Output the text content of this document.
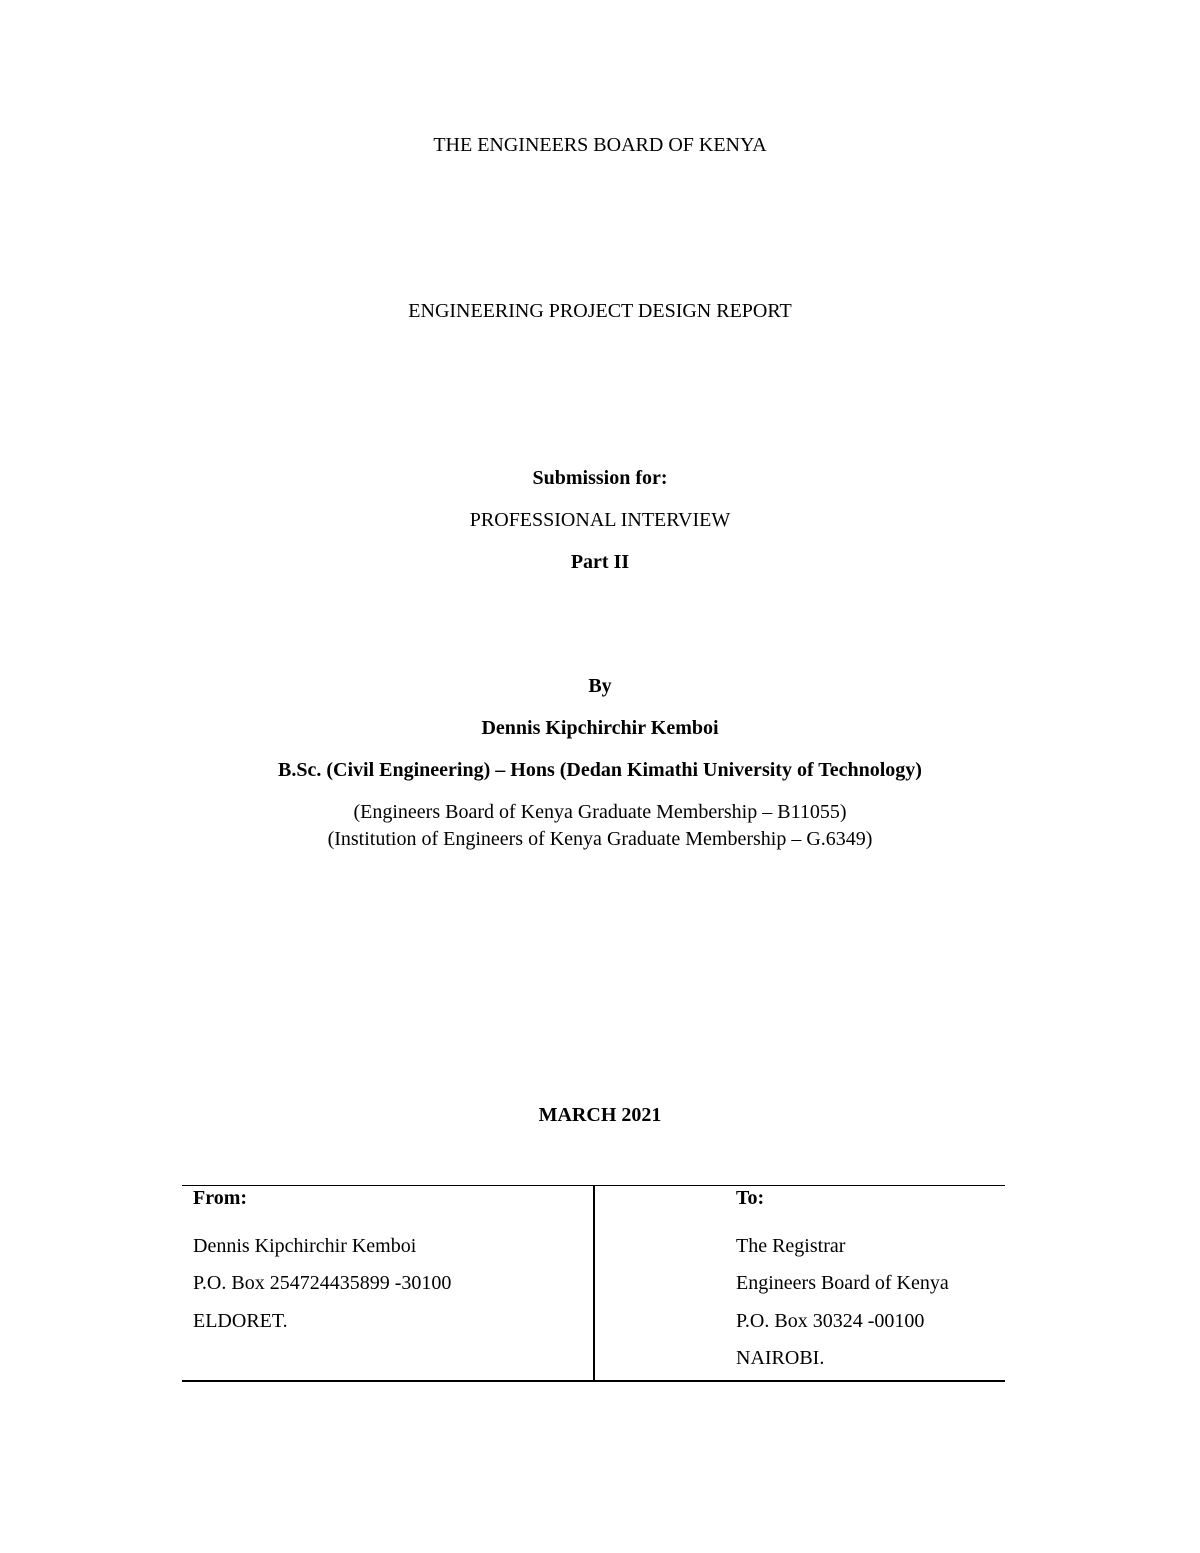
THE ENGINEERS BOARD OF KENYA
ENGINEERING PROJECT DESIGN REPORT
Submission for:
PROFESSIONAL INTERVIEW
Part II
By
Dennis Kipchirchir Kemboi
B.Sc. (Civil Engineering) – Hons (Dedan Kimathi University of Technology)
(Engineers Board of Kenya Graduate Membership – B11055)
(Institution of Engineers of Kenya Graduate Membership – G.6349)
MARCH 2021
From:
Dennis Kipchirchir Kemboi
P.O. Box 254724435899 -30100
ELDORET.
To:
The Registrar
Engineers Board of Kenya
P.O. Box 30324 -00100
NAIROBI.
